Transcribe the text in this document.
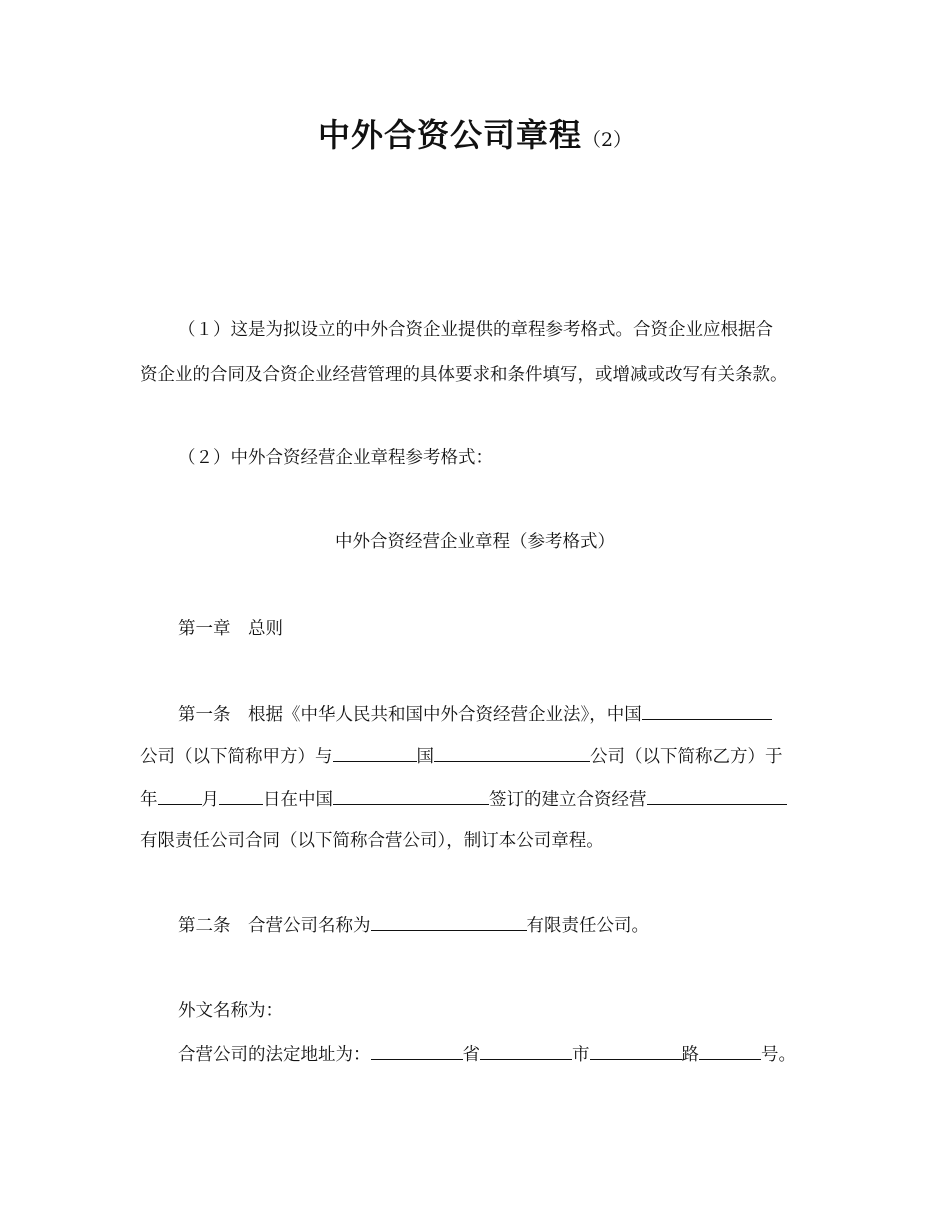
中外合资公司章程（2）
（１）这是为拟设立的中外合资企业提供的章程参考格式。合资企业应根据合
资企业的合同及合资企业经营管理的具体要求和条件填写，或增减或改写有关条款。
（２）中外合资经营企业章程参考格式：
中外合资经营企业章程（参考格式）
第一章　总则
第一条　根据《中华人民共和国中外合资经营企业法》，中国
公司（以下简称甲方）与	国	公司（以下简称乙方）于
年	月	日在中国	签订的建立合资经营
有限责任公司合同（以下简称合营公司），制订本公司章程。
第二条　合营公司名称为	有限责任公司。
外文名称为：
合营公司的法定地址为：	省	市	路	号。
